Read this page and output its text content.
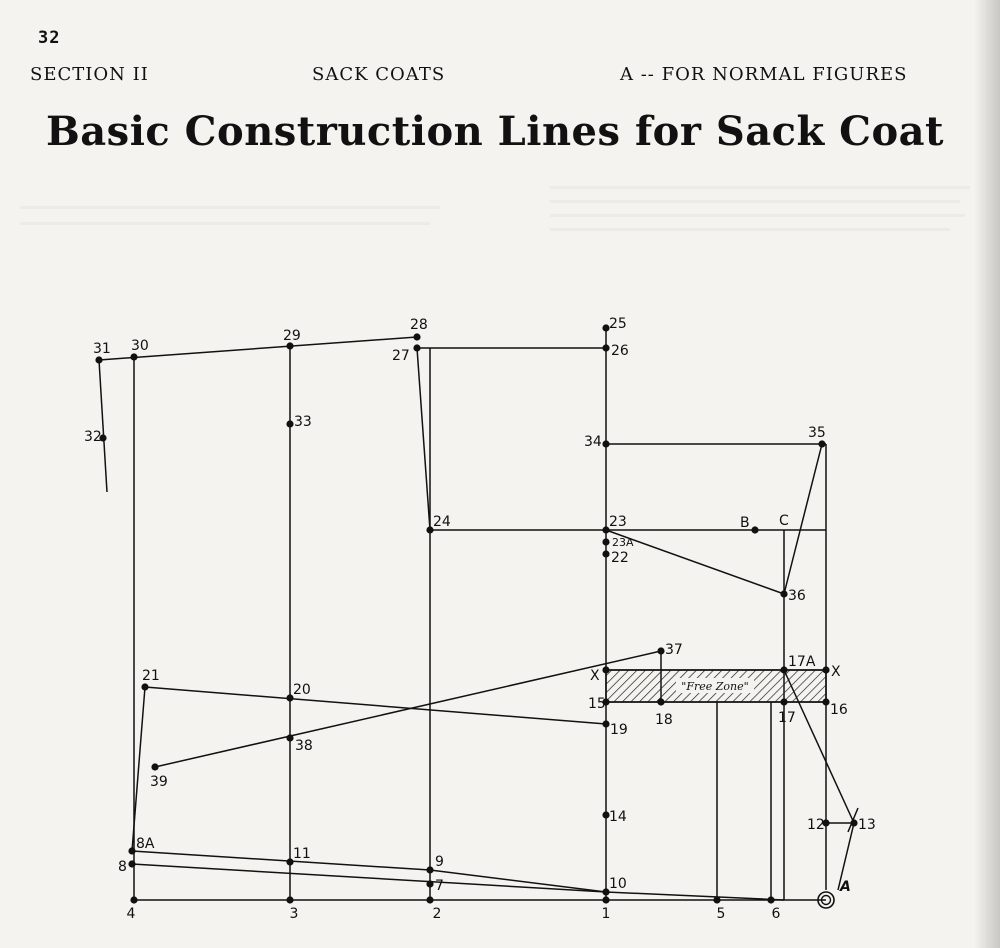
32
SECTION II	SACK COATS	A -- FOR NORMAL FIGURES
Basic Construction Lines for Sack Coat
"Free Zone"
1
2
3
4	5	6
7
8
8A
9
10
11
12 13
14
15	16
17
17A
18
19
20
21
22
23
23A
24
25
26
27
28
29
30
31
32
33
34
35
36
37
38
39
B C
X	X
A
